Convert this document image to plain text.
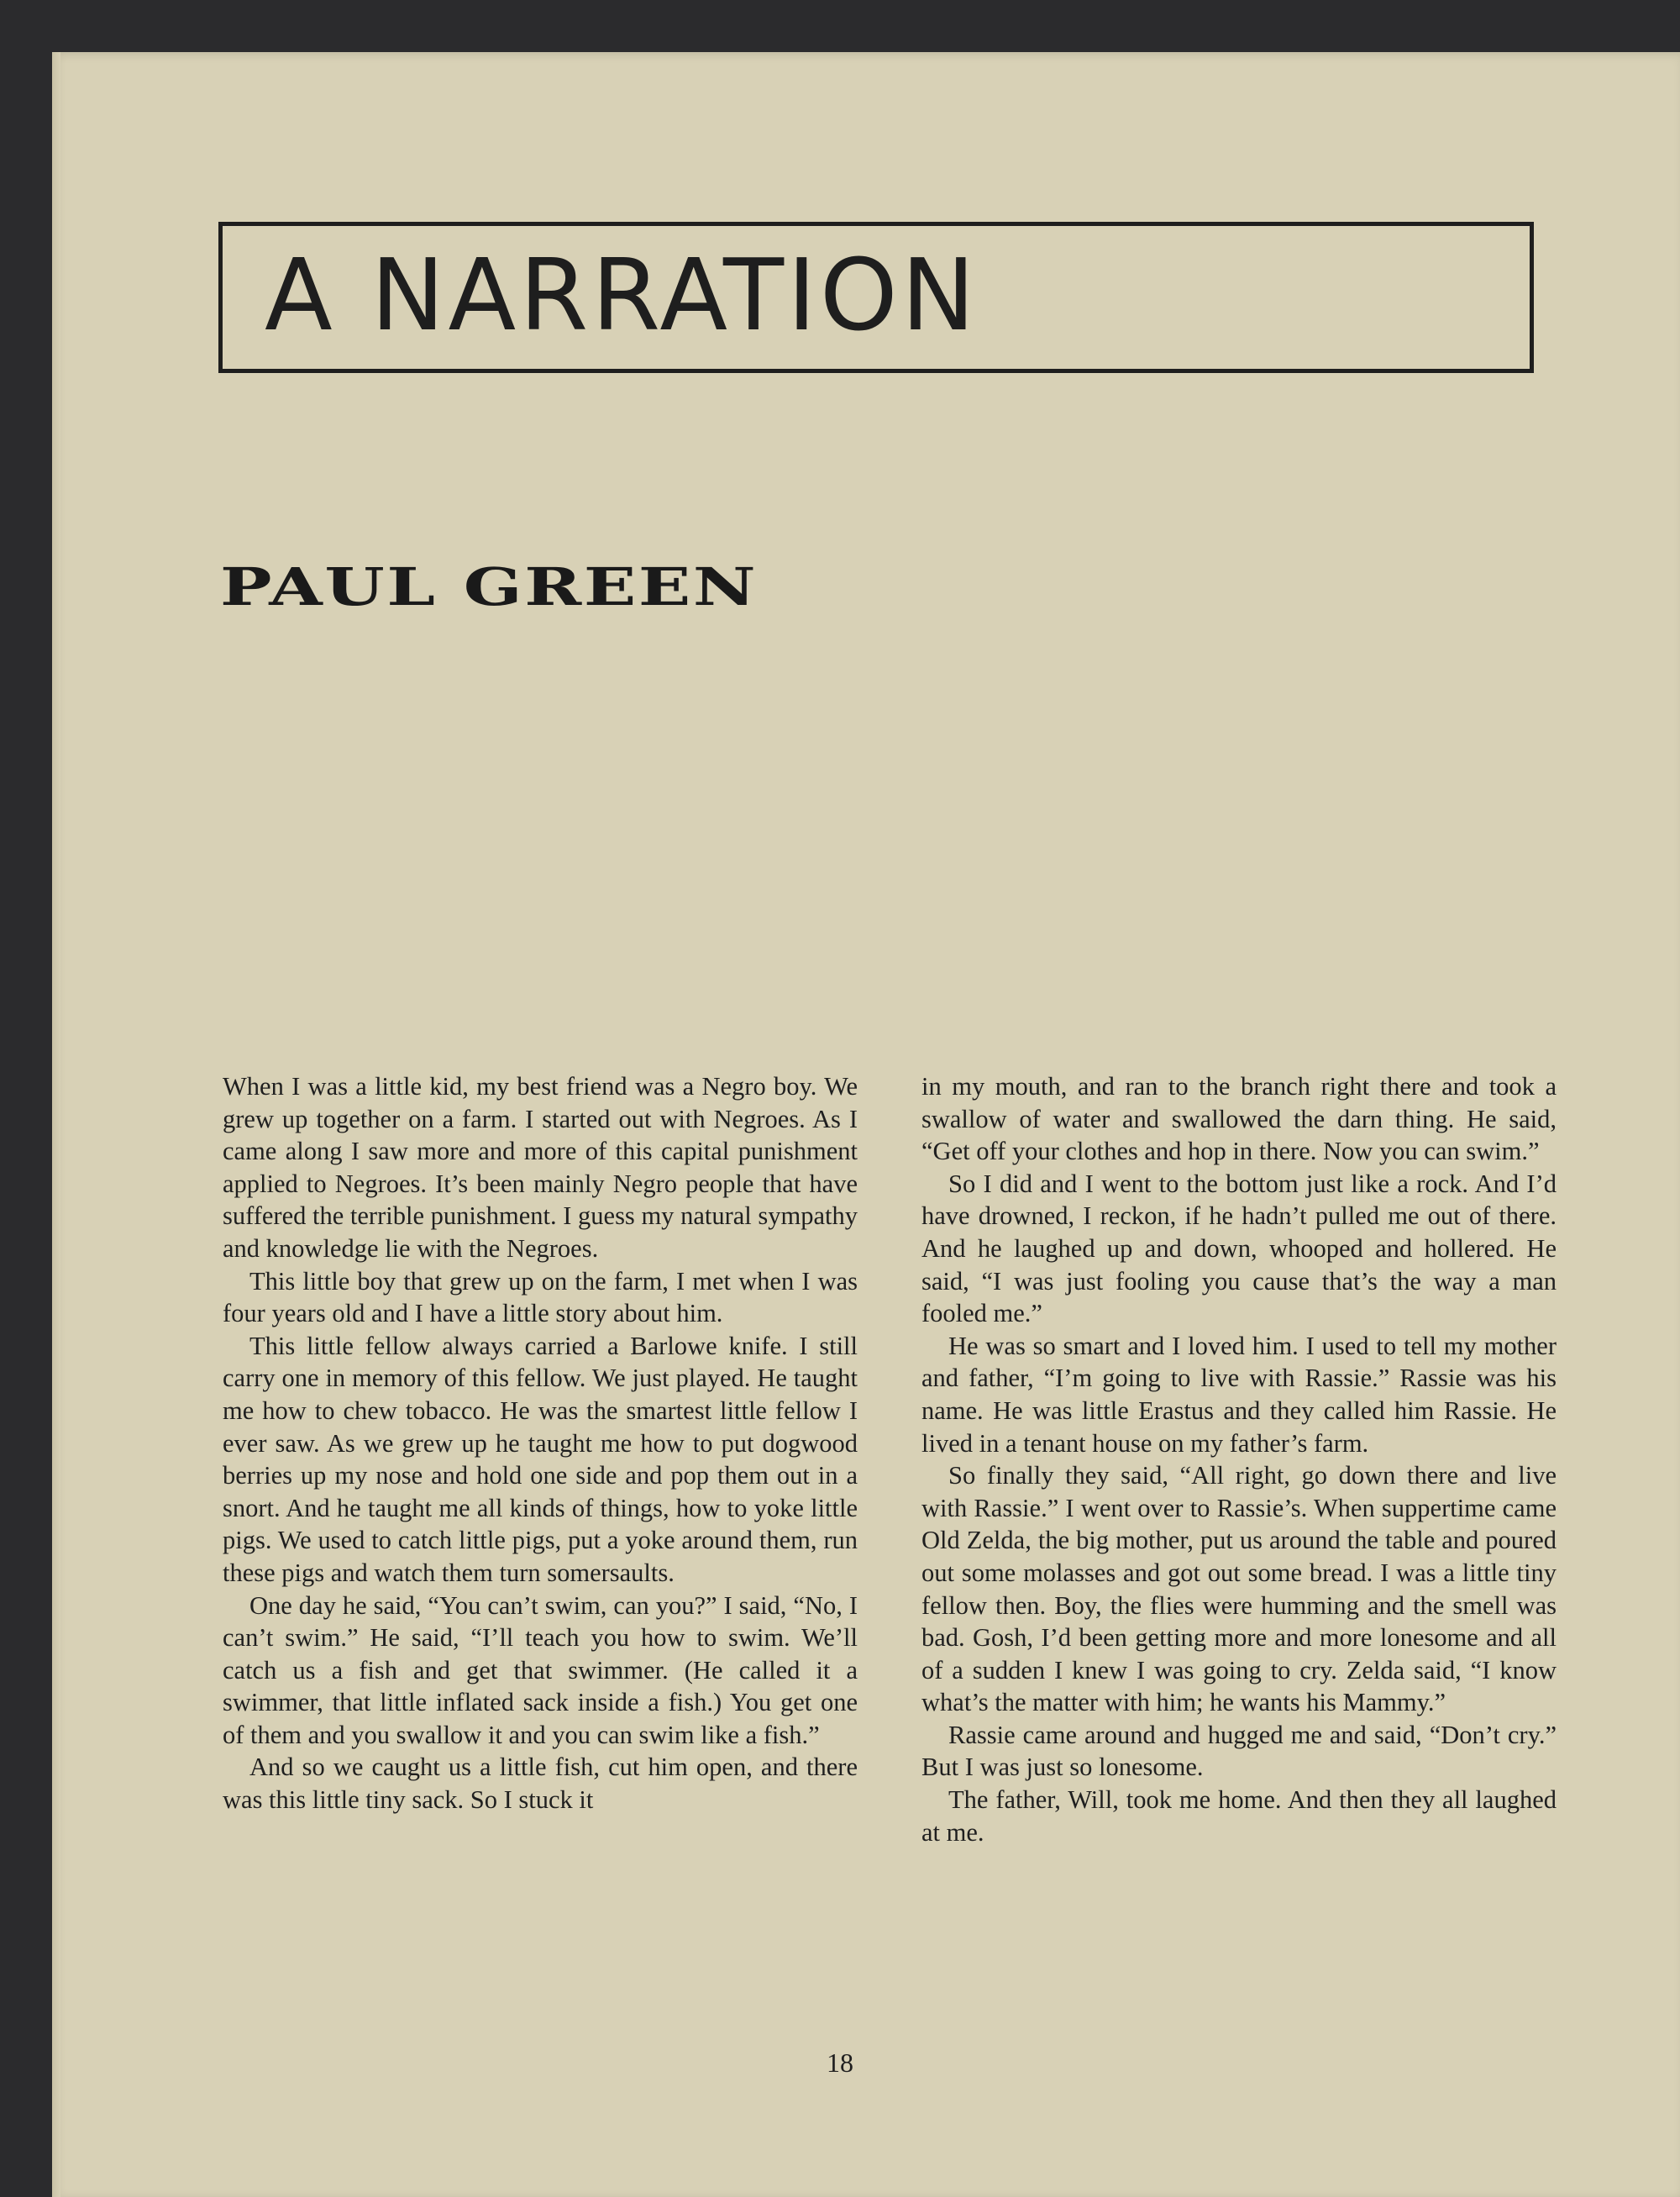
A NARRATION
PAUL GREEN

When I was a little kid, my best friend was a Negro boy. We grew up together on a farm. I started out with Negroes. As I came along I saw more and more of this capital punishment applied to Negroes. It’s been mainly Negro people that have suffered the terrible punishment. I guess my natural sympathy and knowledge lie with the Negroes.

This little boy that grew up on the farm, I met when I was four years old and I have a little story about him.

This little fellow always carried a Barlowe knife. I still carry one in memory of this fellow. We just played. He taught me how to chew tobacco. He was the smartest little fellow I ever saw. As we grew up he taught me how to put dogwood berries up my nose and hold one side and pop them out in a snort. And he taught me all kinds of things, how to yoke little pigs. We used to catch little pigs, put a yoke around them, run these pigs and watch them turn somersaults.

One day he said, “You can’t swim, can you?” I said, “No, I can’t swim.” He said, “I’ll teach you how to swim. We’ll catch us a fish and get that swimmer. (He called it a swimmer, that little inflated sack inside a fish.) You get one of them and you swallow it and you can swim like a fish.”

And so we caught us a little fish, cut him open, and there was this little tiny sack. So I stuck it

in my mouth, and ran to the branch right there and took a swallow of water and swallowed the darn thing. He said, “Get off your clothes and hop in there. Now you can swim.”

So I did and I went to the bottom just like a rock. And I’d have drowned, I reckon, if he hadn’t pulled me out of there. And he laughed up and down, whooped and hollered. He said, “I was just fooling you cause that’s the way a man fooled me.”

He was so smart and I loved him. I used to tell my mother and father, “I’m going to live with Rassie.” Rassie was his name. He was little Erastus and they called him Rassie. He lived in a tenant house on my father’s farm.

So finally they said, “All right, go down there and live with Rassie.” I went over to Rassie’s. When suppertime came Old Zelda, the big mother, put us around the table and poured out some molasses and got out some bread. I was a little tiny fellow then. Boy, the flies were humming and the smell was bad. Gosh, I’d been getting more and more lonesome and all of a sudden I knew I was going to cry. Zelda said, “I know what’s the matter with him; he wants his Mammy.”

Rassie came around and hugged me and said, “Don’t cry.” But I was just so lonesome.

The father, Will, took me home. And then they all laughed at me.

18
